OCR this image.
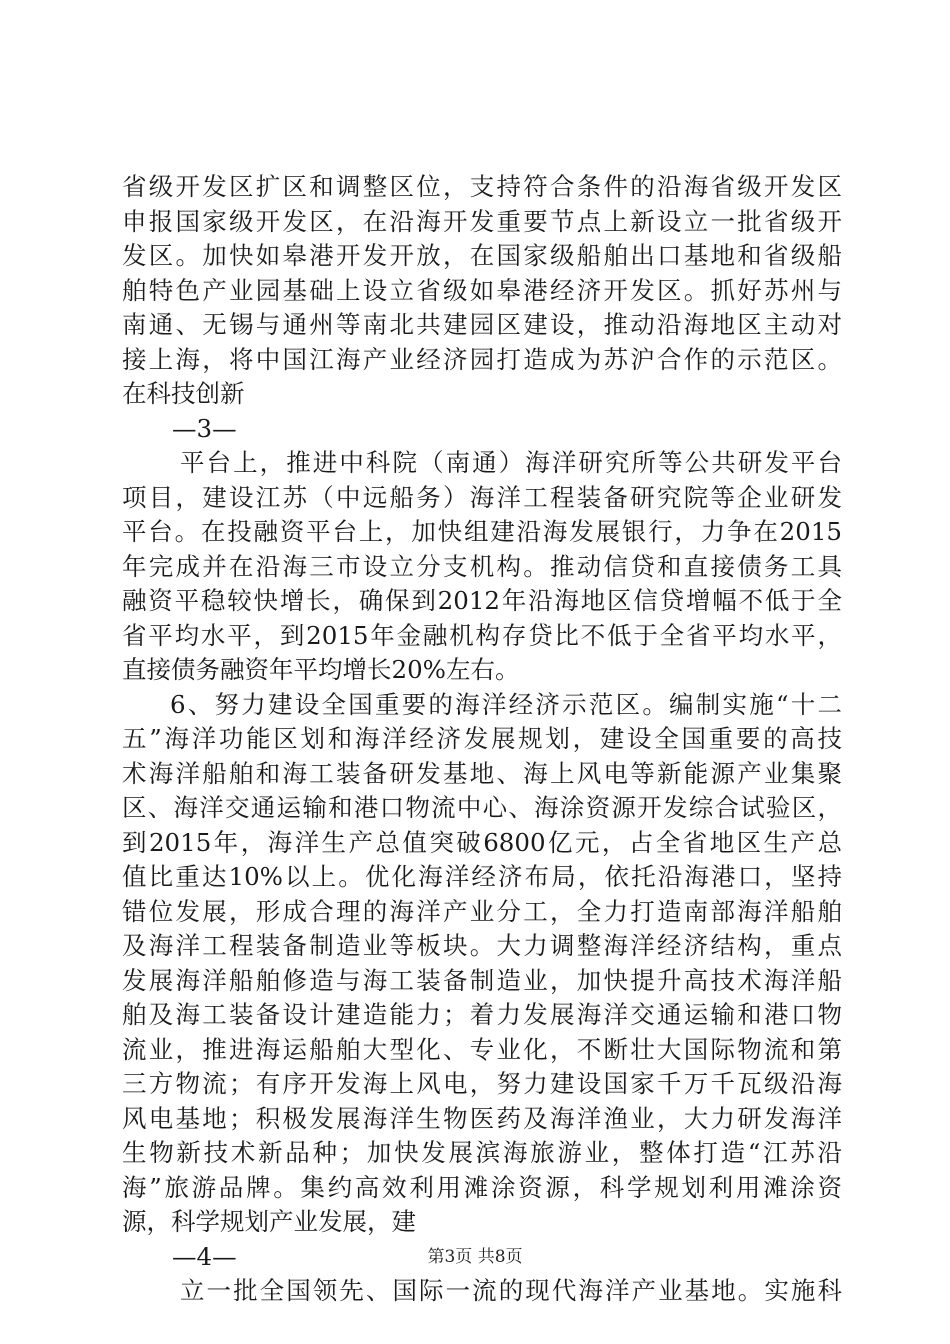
省级开发区扩区和调整区位，支持符合条件的沿海省级开发区
申报国家级开发区，在沿海开发重要节点上新设立一批省级开
发区。加快如皋港开发开放，在国家级船舶出口基地和省级船
舶特色产业园基础上设立省级如皋港经济开发区。抓好苏州与
南通、无锡与通州等南北共建园区建设，推动沿海地区主动对
接上海，将中国江海产业经济园打造成为苏沪合作的示范区。
在科技创新
—3—
平台上，推进中科院（南通）海洋研究所等公共研发平台
项目，建设江苏（中远船务）海洋工程装备研究院等企业研发
平台。在投融资平台上，加快组建沿海发展银行，力争在2015
年完成并在沿海三市设立分支机构。推动信贷和直接债务工具
融资平稳较快增长，确保到2012年沿海地区信贷增幅不低于全
省平均水平，到2015年金融机构存贷比不低于全省平均水平，
直接债务融资年平均增长20%左右。
6、努力建设全国重要的海洋经济示范区。编制实施“十二
五”海洋功能区划和海洋经济发展规划，建设全国重要的高技
术海洋船舶和海工装备研发基地、海上风电等新能源产业集聚
区、海洋交通运输和港口物流中心、海涂资源开发综合试验区，
到2015年，海洋生产总值突破6800亿元，占全省地区生产总
值比重达10%以上。优化海洋经济布局，依托沿海港口，坚持
错位发展，形成合理的海洋产业分工，全力打造南部海洋船舶
及海洋工程装备制造业等板块。大力调整海洋经济结构，重点
发展海洋船舶修造与海工装备制造业，加快提升高技术海洋船
舶及海工装备设计建造能力；着力发展海洋交通运输和港口物
流业，推进海运船舶大型化、专业化，不断壮大国际物流和第
三方物流；有序开发海上风电，努力建设国家千万千瓦级沿海
风电基地；积极发展海洋生物医药及海洋渔业，大力研发海洋
生物新技术新品种；加快发展滨海旅游业，整体打造“江苏沿
海”旅游品牌。集约高效利用滩涂资源，科学规划利用滩涂资
源，科学规划产业发展，建
—4—
立一批全国领先、国际一流的现代海洋产业基地。实施科
第3页 共8页
